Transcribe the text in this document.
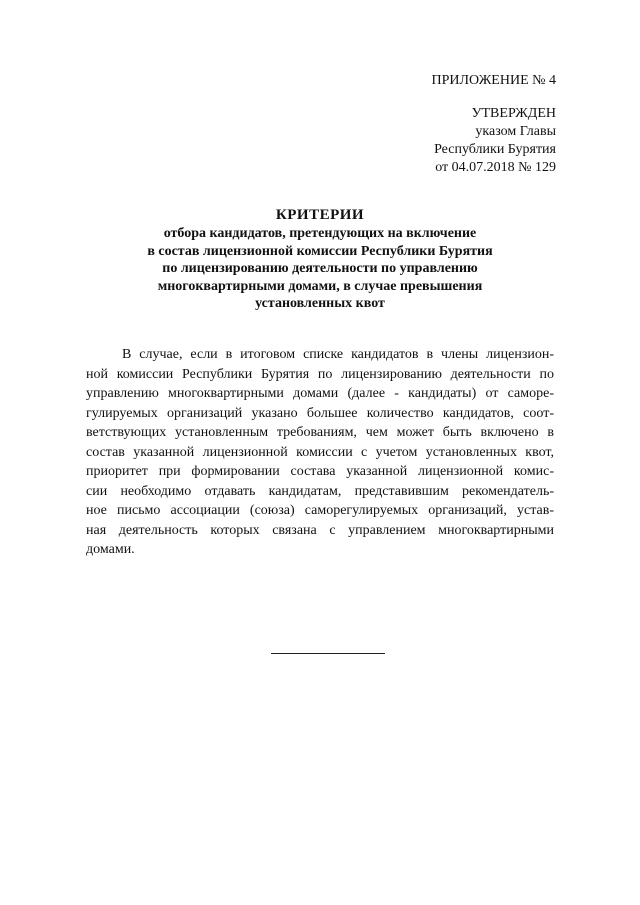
ПРИЛОЖЕНИЕ № 4
УТВЕРЖДЕН
указом Главы
Республики Бурятия
от 04.07.2018 № 129
КРИТЕРИИ
отбора кандидатов, претендующих на включение
в состав лицензионной комиссии Республики Бурятия
по лицензированию деятельности по управлению
многоквартирными домами, в случае превышения
установленных квот
В случае, если в итоговом списке кандидатов в члены лицензион-
ной комиссии Республики Бурятия по лицензированию деятельности по
управлению многоквартирными домами (далее - кандидаты) от саморе-
гулируемых организаций указано большее количество кандидатов, соот-
ветствующих установленным требованиям, чем может быть включено в
состав указанной лицензионной комиссии с учетом установленных квот,
приоритет при формировании состава указанной лицензионной комис-
сии необходимо отдавать кандидатам, представившим рекомендатель-
ное письмо ассоциации (союза) саморегулируемых организаций, устав-
ная деятельность которых связана с управлением многоквартирными
домами.
